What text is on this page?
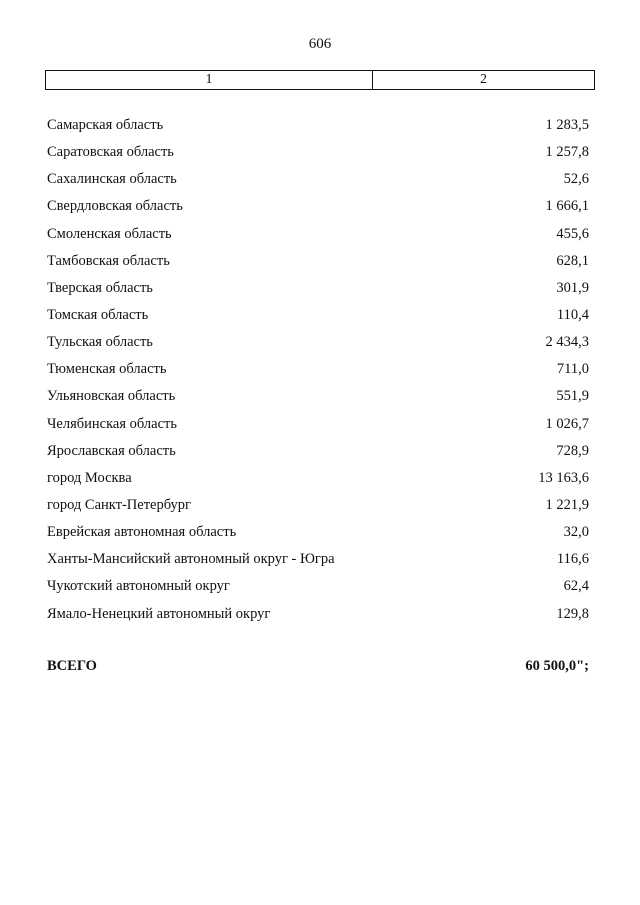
606
1	2
Самарская область	1 283,5
Саратовская область	1 257,8
Сахалинская область	52,6
Свердловская область	1 666,1
Смоленская область	455,6
Тамбовская область	628,1
Тверская область	301,9
Томская область	110,4
Тульская область	2 434,3
Тюменская область	711,0
Ульяновская область	551,9
Челябинская область	1 026,7
Ярославская область	728,9
город Москва	13 163,6
город Санкт-Петербург	1 221,9
Еврейская автономная область	32,0
Ханты-Мансийский автономный округ - Югра	116,6
Чукотский автономный округ	62,4
Ямало-Ненецкий автономный округ	129,8
ВСЕГО	60 500,0";
